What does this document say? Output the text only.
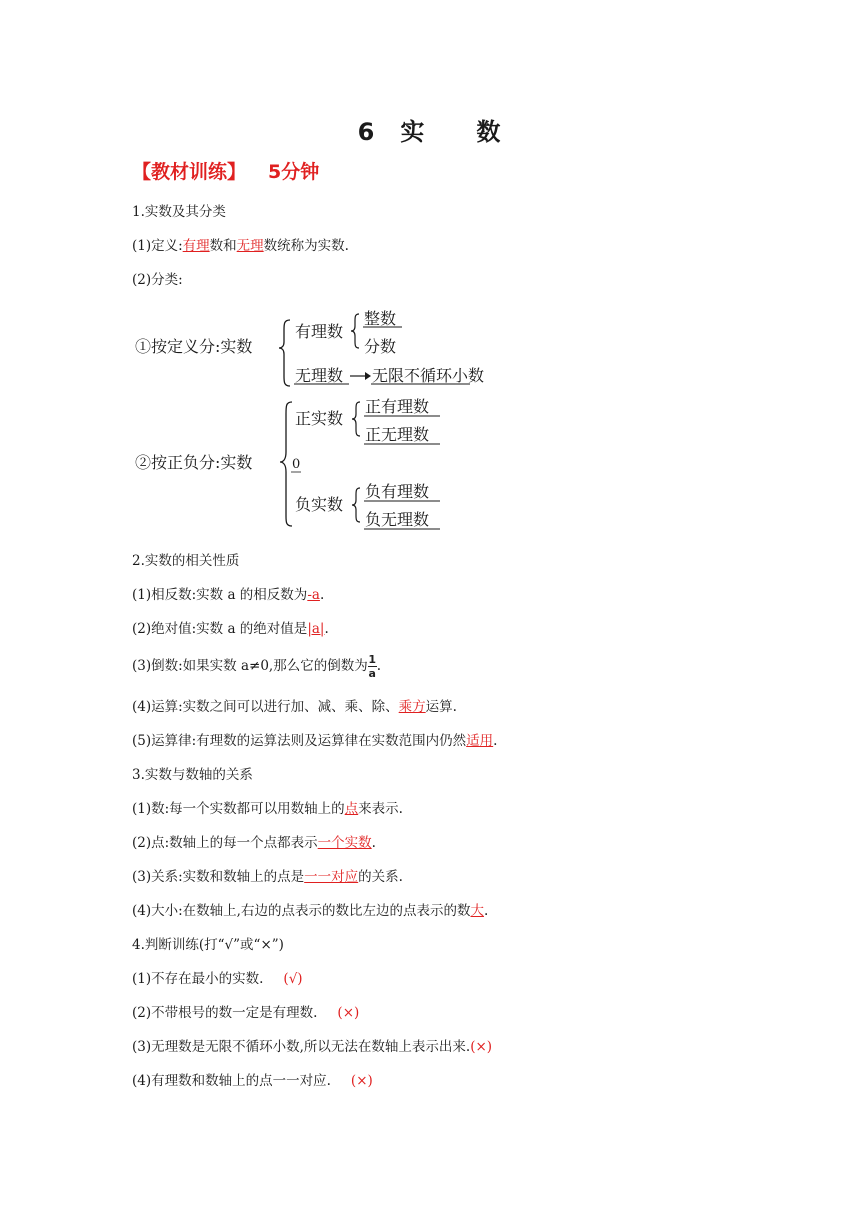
6 实 数
【教材训练】 5分钟
1.实数及其分类
(1)定义:有理数和无理数统称为实数.
(2)分类:
①按定义分:实数
有理数
整数
分数
无理数 无限不循环小数
②按正负分:实数
正实数
正有理数
正无理数
0
负实数
负有理数
负无理数
2.实数的相关性质
(1)相反数:实数 a 的相反数为-a.
(2)绝对值:实数 a 的绝对值是|a|.
(3)倒数:如果实数 a≠0,那么它的倒数为 $\frac{1}{a}$ .
(4)运算:实数之间可以进行加、减、乘、除、乘方运算.
(5)运算律:有理数的运算法则及运算律在实数范围内仍然适用.
3.实数与数轴的关系
(1)数:每一个实数都可以用数轴上的点来表示.
(2)点:数轴上的每一个点都表示一个实数.
(3)关系:实数和数轴上的点是一一对应的关系.
(4)大小:在数轴上,右边的点表示的数比左边的点表示的数大.
4.判断训练(打“√”或“×”)
(1)不存在最小的实数. (√)
(2)不带根号的数一定是有理数. (×)
(3)无理数是无限不循环小数,所以无法在数轴上表示出来.(×)
(4)有理数和数轴上的点一一对应. (×)
